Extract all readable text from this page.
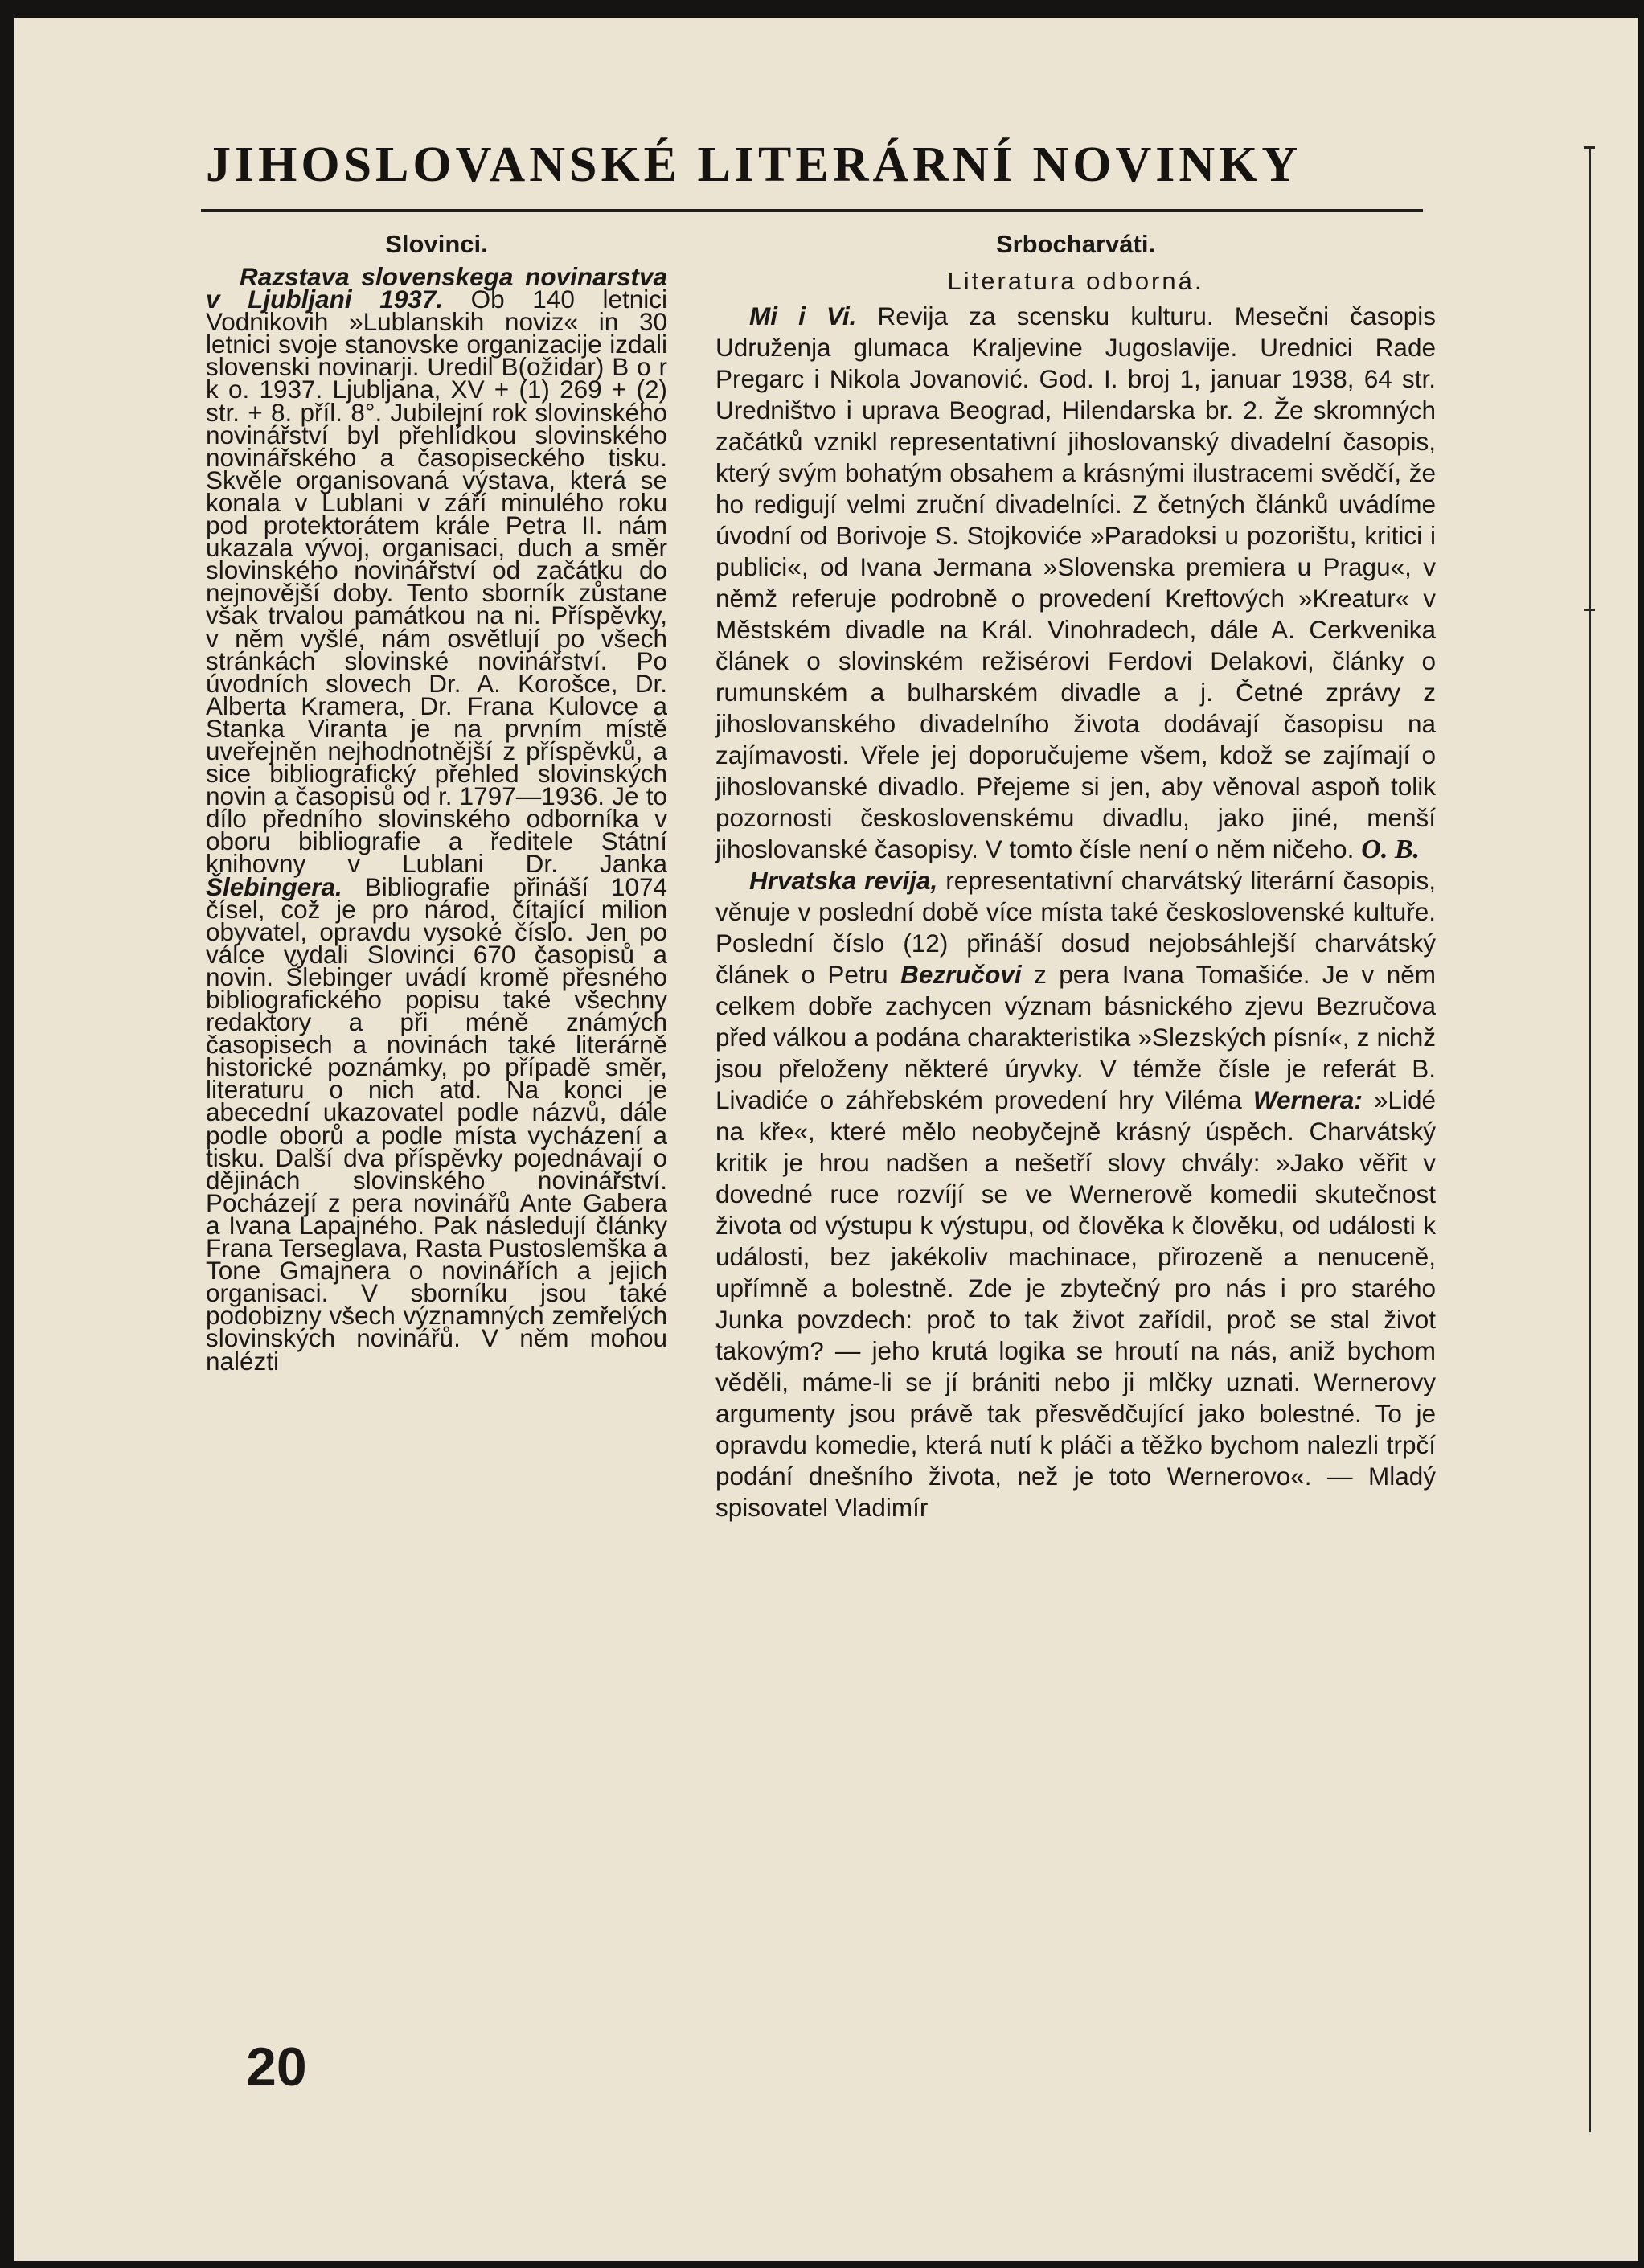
JIHOSLOVANSKÉ LITERÁRNÍ NOVINKY
Slovinci.

Razstava slovenskega novinarstva v Ljubljani 1937. Ob 140 letnici Vodnikovih »Lublanskih noviz« in 30 letnici svoje stanovske organizacije izdali slovenski novinarji. Uredil B(ožidar) B o r k o. 1937. Ljubljana, XV + (1) 269 + (2) str. + 8. příl. 8°. Jubilejní rok slovinského novinářství byl přehlídkou slovinského novinářského a časopiseckého tisku. Skvěle organisovaná výstava, která se konala v Lublani v září minulého roku pod protektorátem krále Petra II. nám ukazala vývoj, organisaci, duch a směr slovinského novinářství od začátku do nejnovější doby. Tento sborník zůstane však trvalou památkou na ni. Příspěvky, v něm vyšlé, nám osvětlují po všech stránkách slovinské novinářství. Po úvodních slovech Dr. A. Korošce, Dr. Alberta Kramera, Dr. Frana Kulovce a Stanka Viranta je na prvním místě uveřejněn nejhodnotnější z příspěvků, a sice bibliografický přehled slovinských novin a časopisů od r. 1797—1936. Je to dílo předního slovinského odborníka v oboru bibliografie a ředitele Státní knihovny v Lublani Dr. Janka Šlebingera. Bibliografie přináší 1074 čísel, což je pro národ, čítající milion obyvatel, opravdu vysoké číslo. Jen po válce vydali Slovinci 670 časopisů a novin. Šlebinger uvádí kromě přesného bibliografického popisu také všechny redaktory a při méně známých časopisech a novinách také literárně historické poznámky, po případě směr, literaturu o nich atd. Na konci je abecední ukazovatel podle názvů, dále podle oborů a podle místa vycházení a tisku. Další dva příspěvky pojednávají o dějinách slovinského novinářství. Pocházejí z pera novinářů Ante Gabera a Ivana Lapajného. Pak následují články Frana Terseglava, Rasta Pustoslemška a Tone Gmajnera o novinářích a jejich organisaci. V sborníku jsou také podobizny všech významných zemřelých slovinských novinářů. V něm mohou nalézti

Srbocharváti.
Literatura odborná.

Mi i Vi. Revija za scensku kulturu. Mesečni časopis Udruženja glumaca Kraljevine Jugoslavije. Urednici Rade Pregarc i Nikola Jovanović. God. I. broj 1, januar 1938, 64 str. Uredništvo i uprava Beograd, Hilendarska br. 2. Že skromných začátků vznikl representativní jihoslovanský divadelní časopis, který svým bohatým obsahem a krásnými ilustracemi svědčí, že ho redigují velmi zruční divadelníci. Z četných článků uvádíme úvodní od Borivoje S. Stojkoviće »Paradoksi u pozorištu, kritici i publici«, od Ivana Jermana »Slovenska premiera u Pragu«, v němž referuje podrobně o provedení Kreftových »Kreatur« v Městském divadle na Král. Vinohradech, dále A. Cerkvenika článek o slovinském režisérovi Ferdovi Delakovi, články o rumunském a bulharském divadle a j. Četné zprávy z jihoslovanského divadelního života dodávají časopisu na zajímavosti. Vřele jej doporučujeme všem, kdož se zajímají o jihoslovanské divadlo. Přejeme si jen, aby věnoval aspoň tolik pozornosti československému divadlu, jako jiné, menší jihoslovanské časopisy. V tomto čísle není o něm ničeho. O. B.

Hrvatska revija, representativní charvátský literární časopis, věnuje v poslední době více místa také československé kultuře. Poslední číslo (12) přináší dosud nejobsáhlejší charvátský článek o Petru Bezručovi z pera Ivana Tomašiće. Je v něm celkem dobře zachycen význam básnického zjevu Bezručova před válkou a podána charakteristika »Slezských písní«, z nichž jsou přeloženy některé úryvky. V témže čísle je referát B. Livadiće o záhřebském provedení hry Viléma Wernera: »Lidé na kře«, které mělo neobyčejně krásný úspěch. Charvátský kritik je hrou nadšen a nešetří slovy chvály: »Jako věřit v dovedné ruce rozvíjí se ve Wernerově komedii skutečnost života od výstupu k výstupu, od člověka k člověku, od události k události, bez jakékoliv machinace, přirozeně a nenuceně, upřímně a bolestně. Zde je zbytečný pro nás i pro starého Junka povzdech: proč to tak život zařídil, proč se stal život takovým? — jeho krutá logika se hroutí na nás, aniž bychom věděli, máme-li se jí brániti nebo ji mlčky uznati. Wernerovy argumenty jsou právě tak přesvědčující jako bolestné. To je opravdu komedie, která nutí k pláči a těžko bychom nalezli trpčí podání dnešního života, než je toto Wernerovo«. — Mladý spisovatel Vladimír

20
